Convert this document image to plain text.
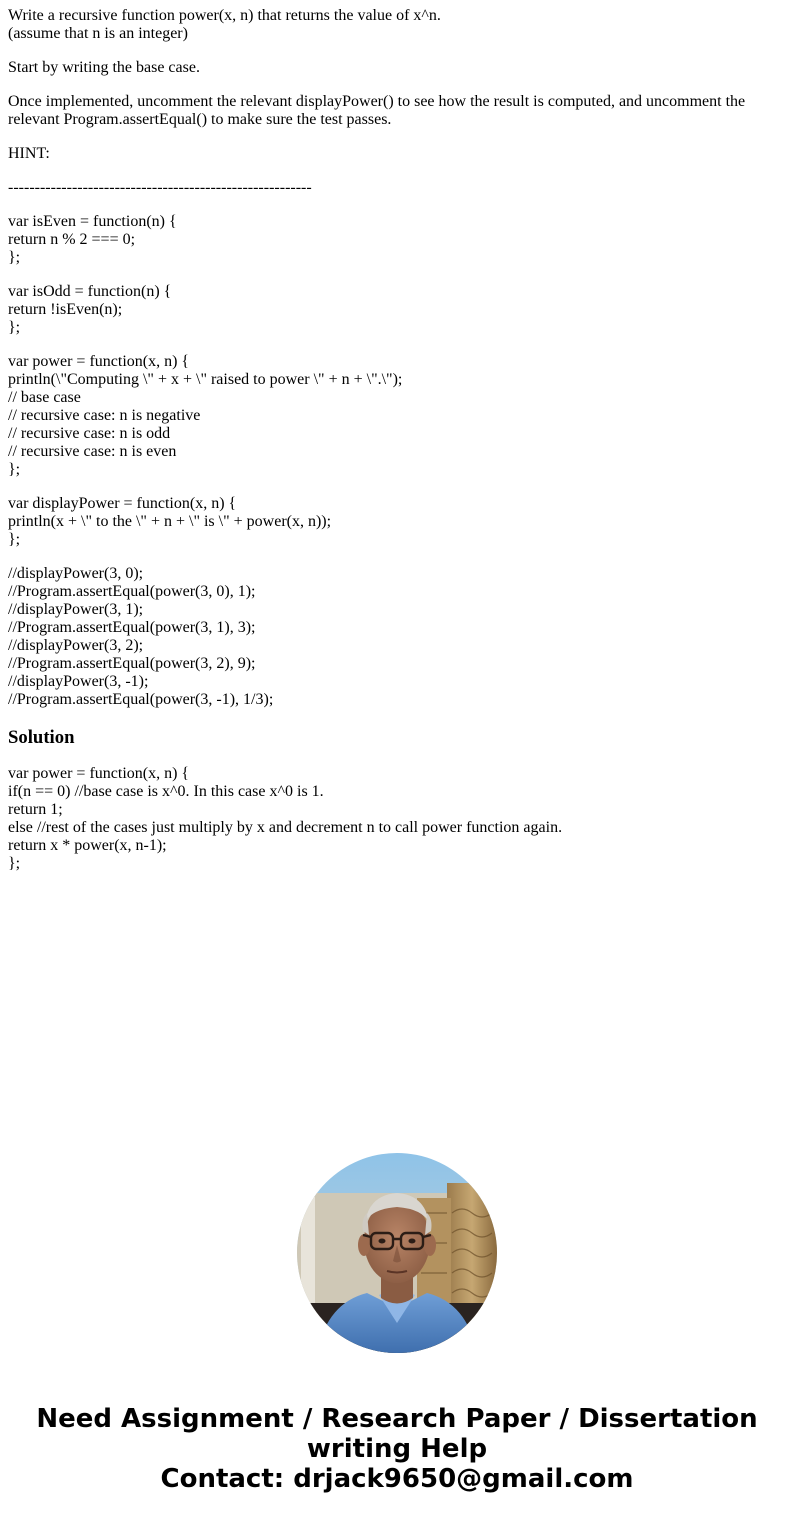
Write a recursive function power(x, n) that returns the value of x^n.
(assume that n is an integer)
Start by writing the base case.
Once implemented, uncomment the relevant displayPower() to see how the result is computed, and uncomment the relevant Program.assertEqual() to make sure the test passes.
HINT:
---------------------------------------------------------
var isEven = function(n) {
return n % 2 === 0;
};
var isOdd = function(n) {
return !isEven(n);
};
var power = function(x, n) {
println(\"Computing \" + x + \" raised to power \" + n + \".\");
// base case
// recursive case: n is negative
// recursive case: n is odd
// recursive case: n is even
};
var displayPower = function(x, n) {
println(x + \" to the \" + n + \" is \" + power(x, n));
};
//displayPower(3, 0);
//Program.assertEqual(power(3, 0), 1);
//displayPower(3, 1);
//Program.assertEqual(power(3, 1), 3);
//displayPower(3, 2);
//Program.assertEqual(power(3, 2), 9);
//displayPower(3, -1);
//Program.assertEqual(power(3, -1), 1/3);
Solution
var power = function(x, n) {
if(n == 0) //base case is x^0. In this case x^0 is 1.
return 1;
else //rest of the cases just multiply by x and decrement n to call power function again.
return x * power(x, n-1);
};
Need Assignment / Research Paper / Dissertation
writing Help
Contact: drjack9650@gmail.com
